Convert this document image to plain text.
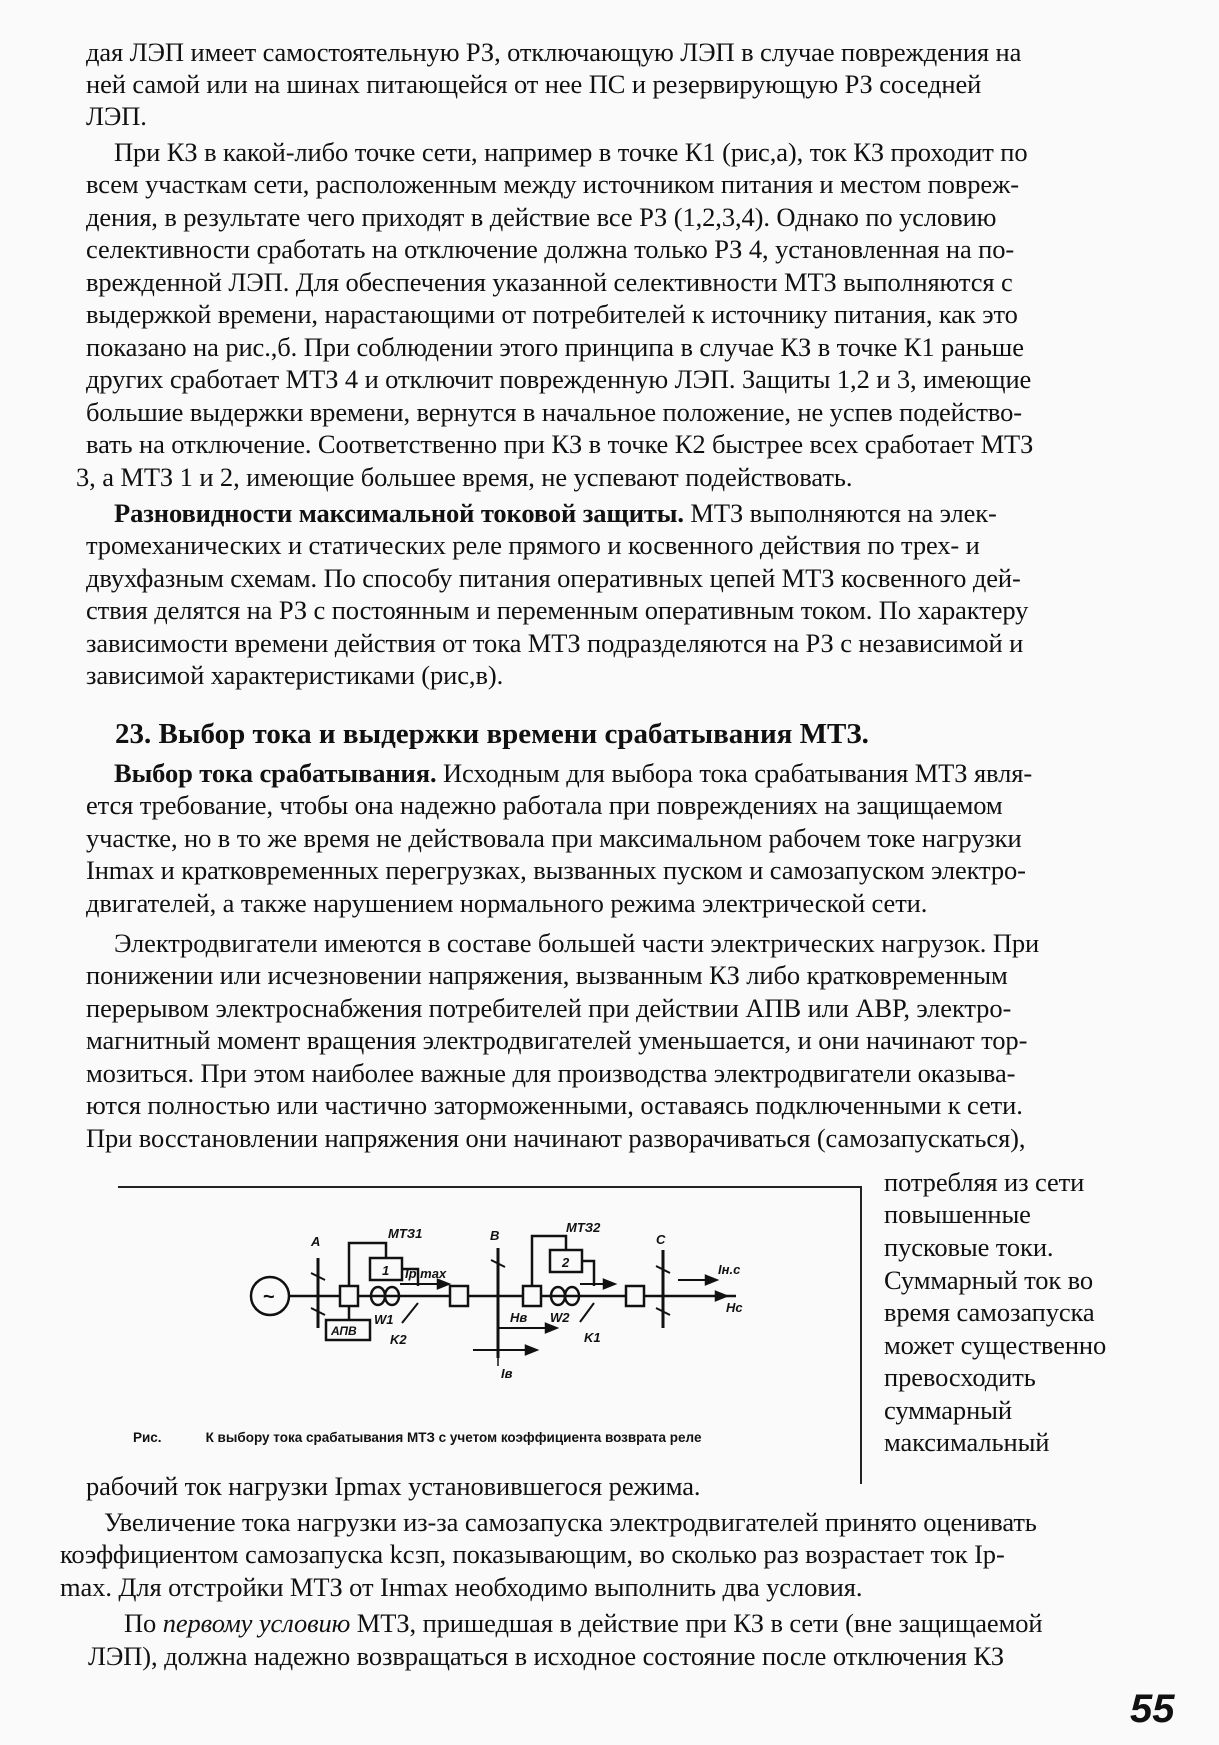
дая ЛЭП имеет самостоятельную РЗ, отключающую ЛЭП в случае повреждения на
ней самой или на шинах питающейся от нее ПС и резервирующую РЗ соседней
ЛЭП.
При КЗ в какой-либо точке сети, например в точке К1 (рис,а), ток КЗ проходит по
всем участкам сети, расположенным между источником питания и местом повреж-
дения, в результате чего приходят в действие все РЗ (1,2,3,4). Однако по условию
селективности сработать на отключение должна только РЗ 4, установленная на по-
врежденной ЛЭП. Для обеспечения указанной селективности МТЗ выполняются с
выдержкой времени, нарастающими от потребителей к источнику питания, как это
показано на рис.,б. При соблюдении этого принципа в случае КЗ в точке К1 раньше
других сработает МТЗ 4 и отключит поврежденную ЛЭП. Защиты 1,2 и 3, имеющие
большие выдержки времени, вернутся в начальное положение, не успев подейство-
вать на отключение. Соответственно при КЗ в точке К2 быстрее всех сработает МТЗ
3, а МТЗ 1 и 2, имеющие большее время, не успевают подействовать.
Разновидности максимальной токовой защиты. МТЗ выполняются на элек-
тромеханических и статических реле прямого и косвенного действия по трех- и
двухфазным схемам. По способу питания оперативных цепей МТЗ косвенного дей-
ствия делятся на РЗ с постоянным и переменным оперативным током. По характеру
зависимости времени действия от тока МТЗ подразделяются на РЗ с независимой и
зависимой характеристиками (рис,в).
23. Выбор тока и выдержки времени срабатывания МТЗ.
Выбор тока срабатывания. Исходным для выбора тока срабатывания МТЗ явля-
ется требование, чтобы она надежно работала при повреждениях на защищаемом
участке, но в то же время не действовала при максимальном рабочем токе нагрузки
Iнmax и кратковременных перегрузках, вызванных пуском и самозапуском электро-
двигателей, а также нарушением нормального режима электрической сети.
Электродвигатели имеются в составе большей части электрических нагрузок. При
понижении или исчезновении напряжения, вызванным КЗ либо кратковременным
перерывом электроснабжения потребителей при действии АПВ или АВР, электро-
магнитный момент вращения электродвигателей уменьшается, и они начинают тор-
мозиться. При этом наиболее важные для производства электродвигатели оказыва-
ются полностью или частично заторможенными, оставаясь подключенными к сети.
При восстановлении напряжения они начинают разворачиваться (самозапускаться),
потребляя из сети
повышенные
пусковые токи.
Суммарный ток во
время самозапуска
может существенно
превосходить
суммарный
максимальный
A
МТЗ1
1 Iр max
W1
K2
АПВ
B
МТЗ2
2
Hв W2
K1
Iв
C
Iн.с
Hс
~
Рис.	К выбору тока срабатывания МТЗ с учетом коэффициента возврата реле
рабочий ток нагрузки Iрmax установившегося режима.
Увеличение тока нагрузки из-за самозапуска электродвигателей принято оценивать
коэффициентом самозапуска kсзп, показывающим, во сколько раз возрастает ток Iр-
max. Для отстройки МТЗ от Iнmax необходимо выполнить два условия.
По первому условию МТЗ, пришедшая в действие при КЗ в сети (вне защищаемой
ЛЭП), должна надежно возвращаться в исходное состояние после отключения КЗ
55
